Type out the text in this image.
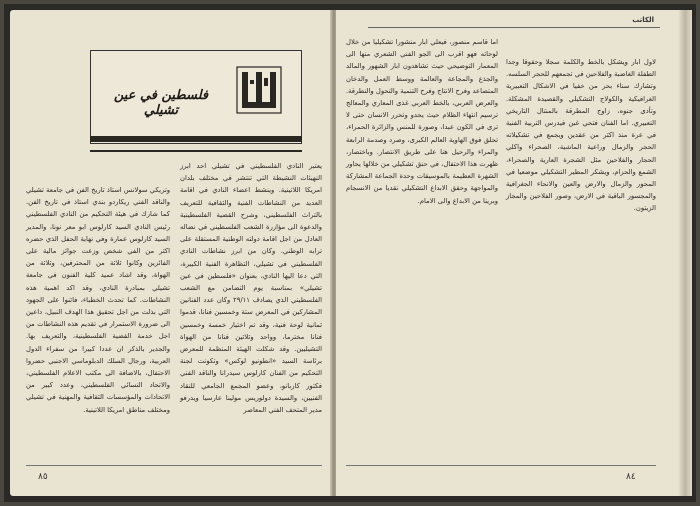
فلسطين في عين تشيلي

يعتبر النادي الفلسطيني في تشيلي احد ابرز النهيئات النشيطة التي تنتشر في مختلف بلدان امريكا اللاتينية. وينشط اعضاء النادي في اقامة العديد من النشاطات الفنية والثقافية للتعريف بالتراث الفلسطيني، وشرح القضية الفلسطينية والدعوة الى مؤازرة الشعب الفلسطيني في نضاله العادل من اجل اقامة دولته الوطنية المستقلة على ترابه الوطني. وكان من ابرز نشاطات النادي الفلسطيني في تشيلي، التظاهرة الفنية الكبيرة، التي دعا اليها النادي، بعنوان «فلسطين في عين تشيلي» بمناسبة يوم التضامن مع الشعب الفلسطيني الذي يصادف ٢٩/١١ وكان عدد الفنانين المشاركين في المعرض ستة وخمسين فنانا، قدموا ثمانية لوحة فنية، وقد تم اختيار خمسة وخمسين فنانا مخترما، وواحد وثلاثين فنانا من الهواة التشيليين. وقد شكلت الهيئة المنظمة للمعرض برئاسة السيد «انطونيو لوكس» وتكونت لجنة التحكيم من الفنان كارلوس سيدرانا والناقد الفني فكتور كاربانو، وعضو المجمع الجامعي للنقاد الفنيين، والسيدة دولوريس مولينا عارسيا ويدرفو مدير المتحف الفني المعاصر

وتريكي سولانس استاذ تاريخ الفن في جامعة تشيلي والناقد الفني ريكاردو بندي استاذ في تاريخ الفن. كما شارك في هيئة التحكيم من النادي الفلسطيني رئيس النادي السيد كارلوس ابو معر نونا، والمدير السيد كارلوس عمارة وفي نهاية الحفل الذي حضره اكثر من الفي شخص وزعت جوائز مالية على الفائزين وكانوا ثلاثة من المحترفين، وثلاثة من الهواة، وقد اشاد عميد كلية الفنون في جامعة تشيلي بمبادرة النادي، وقد اكد اهمية هذه النشاطات. كما تحدث الخطباء، فاثنوا على الجهود التي بذلت من اجل تحقيق هذا الهدف النبيل، داعين الى ضرورة الاستمرار في تقديم هذه النشاطات من اجل خدمة القضية الفلسطينية، والتعريف بها. والجدير بالذكر ان عددا كبيرا من سفراء الدول العربية، ورجال السلك الدبلوماسي الاجنبي حضروا الاحتفال، بالاضافة الى مكتب الاعلام الفلسطيني، والاتحاد النسائي الفلسطيني، وعدد كبير من الاتحادات والمؤسسات الثقافية والمهنية في تشيلي ومختلف مناطق امريكا اللاتينية.

٨٥
الكاتب

لاول ابار ويشكل بالخط والكلمة سجلا وحقوقا وجدا الطفلة الغاضبة والفلاحين في تجمعهم للحجر السلسه. وتشارك سناء بحر من خفيا في الاشكال التعبيرية الغرافيكية والكولاج التشكيلي والقصيدة المشكلة. وتأدى جنوه، زاوج المطرقة بالمنتال التاريخي التعبيري. اما الفنان فتحي غبن فيدرس التربية الفنية في عرة منذ اكثر من عقدين ويجمع في تشكيلاته الحجر والزمال وراعية الماشية، الصحراء واكلي الحجار والفلاحين مثل الشجرة العارية والصحراء، الشمع والحزام، ويشكر المطير التشكيلي موضعيا في المحور والزمال والارض والعين والانحاء الجغرافية والمجسور الباقية في الارض، وصور الفلاحين والمجاز الزيتون.

اما قاسم منصور، فيعلي ابار منشورا تشكيليا من خلال لوحاته فهو اقرب الى الجو الفني الشعري منها الى المعمار التوضيحي حيث تشاهدون ابار الشهور والمالد والجذع والمجاعة والعالمة ووسط العمل والدخان المتصاعد وفرح الانتاج وفرح التنمية والتحول والنطرقة. والعرض العربي، بالخط العربي غذى المعاري والمعالج ترسيم انتهاء الظلام حيث يحدو وتحرر الانسان حتى لا ترى في الكون عبدا، وصورة للمنس والزائرة الحمراء، تحلق فوق الهاوية العالم الكبرى، وصرد وصدمة الرابعة والمراء والرحيل هنا على طريق الانتصار. وباختصار، ظهرت هذا الاحتفال، في حنق تشكيلي من خلالها يحاور الشهرة العظيمة بالموسيقات وحدة الجماعة المشاركة والمواجهة وحقق الابداع التشكيلي نقديا من الانسجام وبرينا من الابداع والى الامام.

٨٤
